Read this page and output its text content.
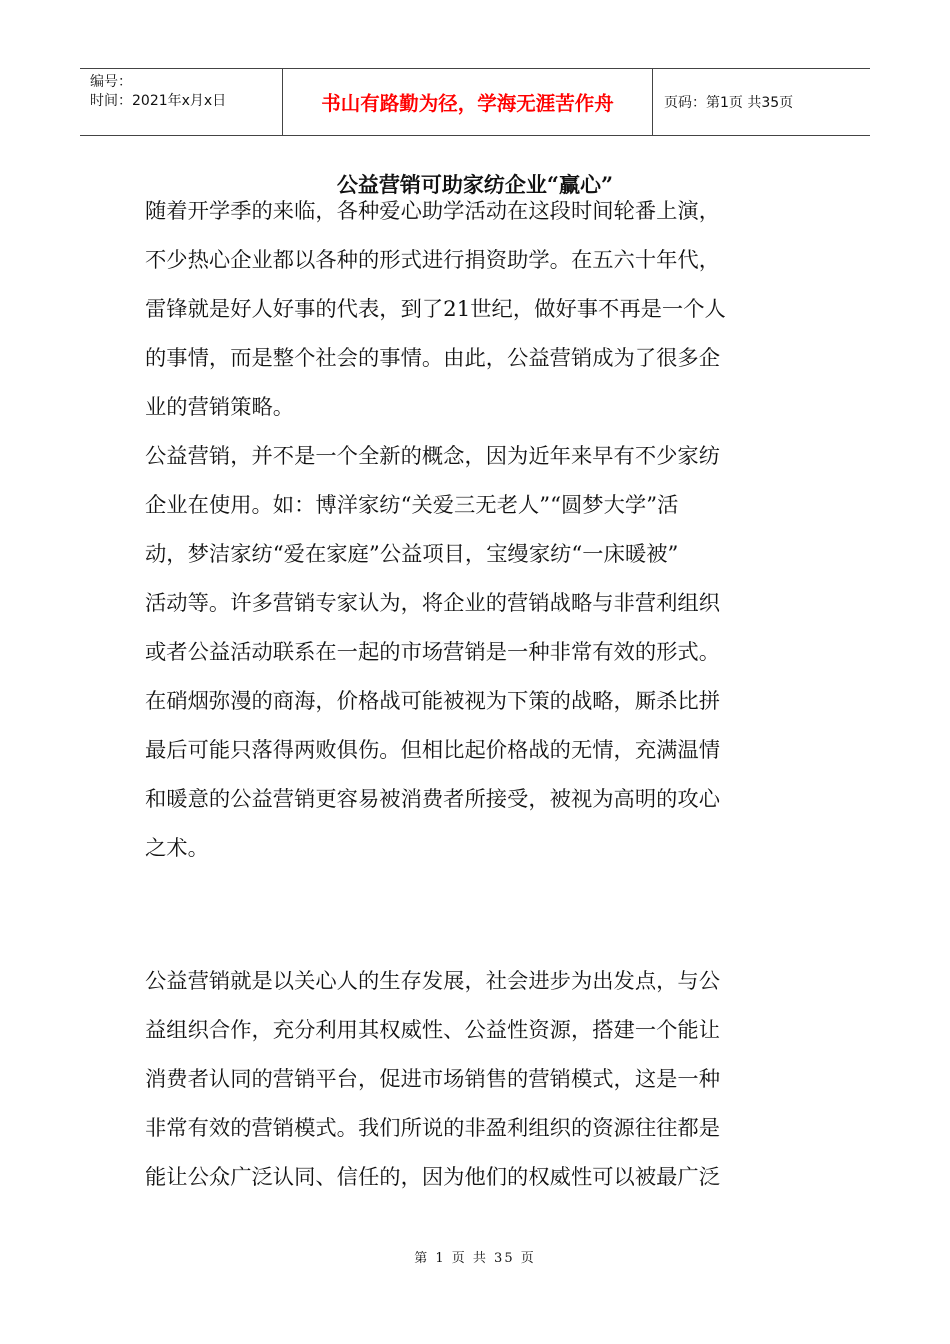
编号：
时间：2021年x月x日	书山有路勤为径，学海无涯苦作舟	页码：第1页 共35页
公益营销可助家纺企业“赢心”
随着开学季的来临，各种爱心助学活动在这段时间轮番上演，
不少热心企业都以各种的形式进行捐资助学。在五六十年代，
雷锋就是好人好事的代表，到了21世纪，做好事不再是一个人
的事情，而是整个社会的事情。由此，公益营销成为了很多企
业的营销策略。
公益营销，并不是一个全新的概念，因为近年来早有不少家纺
企业在使用。如：博洋家纺“关爱三无老人”“圆梦大学”活
动，梦洁家纺“爱在家庭”公益项目，宝缦家纺“一床暖被”
活动等。许多营销专家认为，将企业的营销战略与非营利组织
或者公益活动联系在一起的市场营销是一种非常有效的形式。
在硝烟弥漫的商海，价格战可能被视为下策的战略，厮杀比拼
最后可能只落得两败俱伤。但相比起价格战的无情，充满温情
和暖意的公益营销更容易被消费者所接受，被视为高明的攻心
之术。
公益营销就是以关心人的生存发展，社会进步为出发点，与公
益组织合作，充分利用其权威性、公益性资源，搭建一个能让
消费者认同的营销平台，促进市场销售的营销模式，这是一种
非常有效的营销模式。我们所说的非盈利组织的资源往往都是
能让公众广泛认同、信任的，因为他们的权威性可以被最广泛
第 1 页 共 35 页
